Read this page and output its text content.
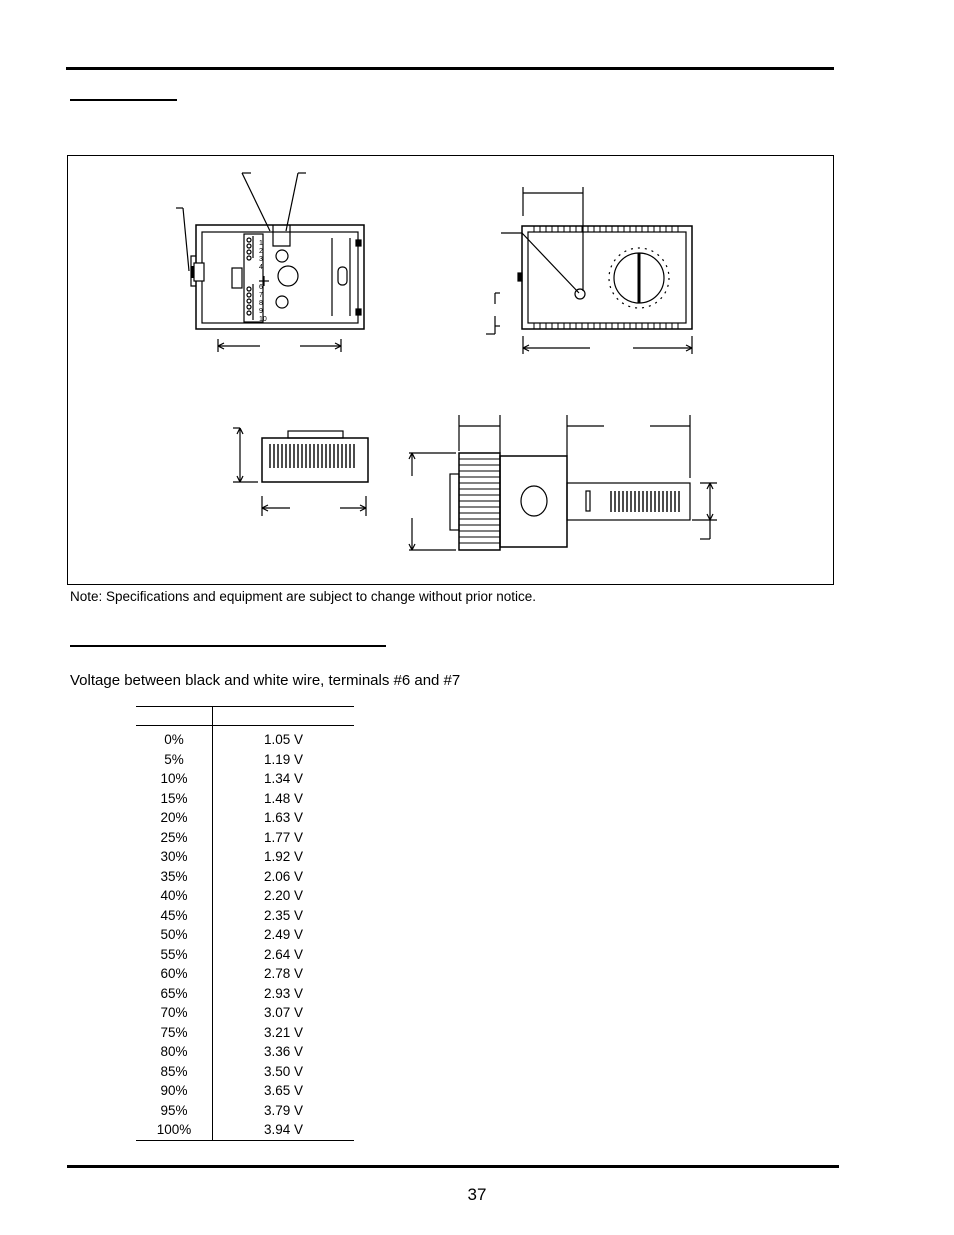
1
2
3
4
6
7
8
9
10
Note: Specifications and equipment are subject to change without prior notice.
Voltage between black and white wire, terminals #6 and #7

0%	1.05 V
5%	1.19 V
10%	1.34 V
15%	1.48 V
20%	1.63 V
25%	1.77 V
30%	1.92 V
35%	2.06 V
40%	2.20 V
45%	2.35 V
50%	2.49 V
55%	2.64 V
60%	2.78 V
65%	2.93 V
70%	3.07 V
75%	3.21 V
80%	3.36 V
85%	3.50 V
90%	3.65 V
95%	3.79 V
100%	3.94 V
37
